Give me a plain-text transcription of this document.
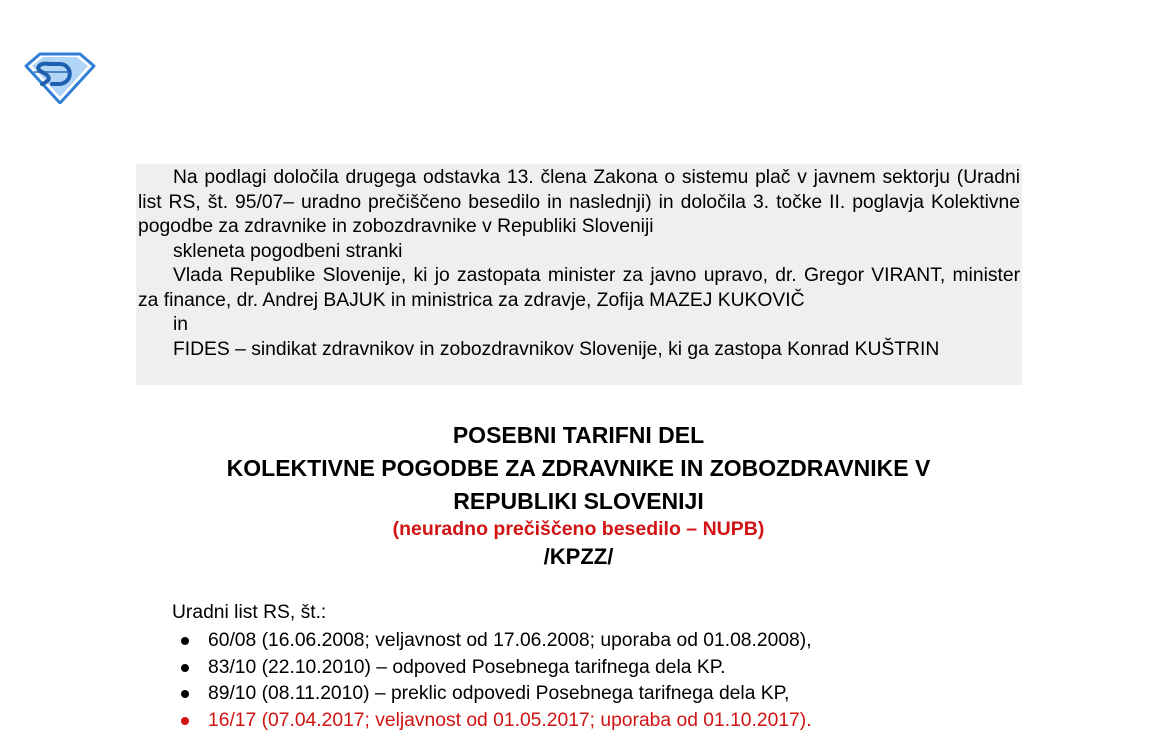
Na podlagi določila drugega odstavka 13. člena Zakona o sistemu plač v javnem sektorju (Uradni list RS, št. 95/07– uradno prečiščeno besedilo in naslednji) in določila 3. točke II. poglavja Kolektivne pogodbe za zdravnike in zobozdravnike v Republiki Sloveniji

skleneta pogodbeni stranki

Vlada Republike Slovenije, ki jo zastopata minister za javno upravo, dr. Gregor VIRANT, minister za finance, dr. Andrej BAJUK in ministrica za zdravje, Zofija MAZEJ KUKOVIČ

in

FIDES – sindikat zdravnikov in zobozdravnikov Slovenije, ki ga zastopa Konrad KUŠTRIN

POSEBNI TARIFNI DEL
KOLEKTIVNE POGODBE ZA ZDRAVNIKE IN ZOBOZDRAVNIKE V
REPUBLIKI SLOVENIJI
(neuradno prečiščeno besedilo – NUPB)
/KPZZ/
Uradni list RS, št.:
60/08 (16.06.2008; veljavnost od 17.06.2008; uporaba od 01.08.2008),
83/10 (22.10.2010) – odpoved Posebnega tarifnega dela KP.
89/10 (08.11.2010) – preklic odpovedi Posebnega tarifnega dela KP,
16/17 (07.04.2017; veljavnost od 01.05.2017; uporaba od 01.10.2017).
